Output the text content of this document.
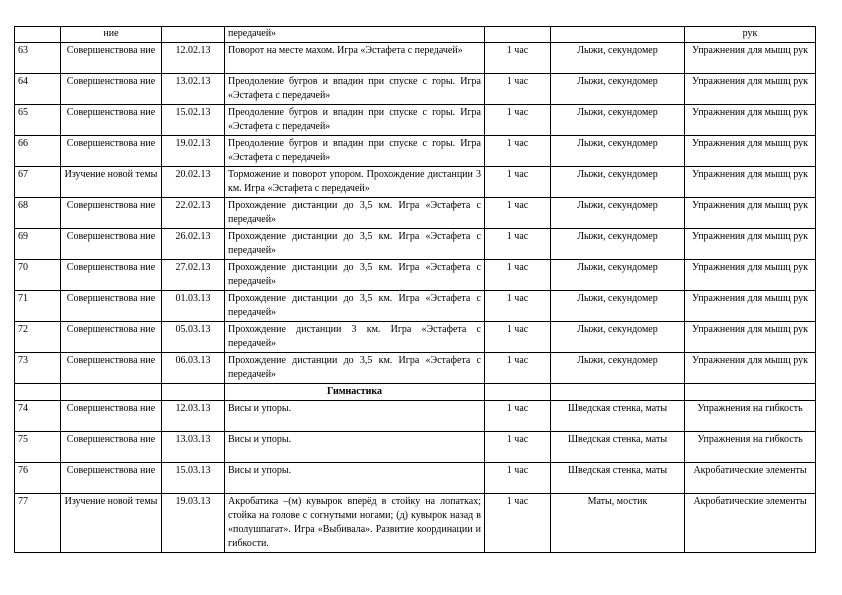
	ние		передачей»			рук
63	Совершенствова ние	12.02.13	Поворот на месте махом. Игра «Эстафета с передачей»	1 час	Лыжи, секундомер	Упражнения для мышц рук
64	Совершенствова ние	13.02.13	Преодоление бугров и впадин при спуске с горы. Игра «Эстафета с передачей»	1 час	Лыжи, секундомер	Упражнения для мышц рук
65	Совершенствова ние	15.02.13	Преодоление бугров и впадин при спуске с горы. Игра «Эстафета с передачей»	1 час	Лыжи, секундомер	Упражнения для мышц рук
66	Совершенствова ние	19.02.13	Преодоление бугров и впадин при спуске с горы. Игра «Эстафета с передачей»	1 час	Лыжи, секундомер	Упражнения для мышц рук
67	Изучение новой темы	20.02.13	Торможение и поворот упором. Прохождение дистанции 3 км. Игра «Эстафета с передачей»	1 час	Лыжи, секундомер	Упражнения для мышц рук
68	Совершенствова ние	22.02.13	Прохождение дистанции до 3,5 км. Игра «Эстафета с передачей»	1 час	Лыжи, секундомер	Упражнения для мышц рук
69	Совершенствова ние	26.02.13	Прохождение дистанции до 3,5 км. Игра «Эстафета с передачей»	1 час	Лыжи, секундомер	Упражнения для мышц рук
70	Совершенствова ние	27.02.13	Прохождение дистанции до 3,5 км. Игра «Эстафета с передачей»	1 час	Лыжи, секундомер	Упражнения для мышц рук
71	Совершенствова ние	01.03.13	Прохождение дистанции до 3,5 км. Игра «Эстафета с передачей»	1 час	Лыжи, секундомер	Упражнения для мышц рук
72	Совершенствова ние	05.03.13	Прохождение дистанции 3 км. Игра «Эстафета с передачей»	1 час	Лыжи, секундомер	Упражнения для мышц рук
73	Совершенствова ние	06.03.13	Прохождение дистанции до 3,5 км. Игра «Эстафета с передачей»	1 час	Лыжи, секундомер	Упражнения для мышц рук
			Гимнастика			
74	Совершенствова ние	12.03.13	Висы и упоры.	1 час	Шведская стенка, маты	Упражнения на гибкость
75	Совершенствова ние	13.03.13	Висы и упоры.	1 час	Шведская стенка, маты	Упражнения на гибкость
76	Совершенствова ние	15.03.13	Висы и упоры.	1 час	Шведская стенка, маты	Акробатические элементы
77	Изучение новой темы	19.03.13	Акробатика –(м) кувырок вперёд в стойку на лопатках; стойка на голове с согнутыми ногами; (д) кувырок назад в «полушпагат». Игра «Выбивала». Развитие координации и гибкости.	1 час	Маты, мостик	Акробатические элементы
